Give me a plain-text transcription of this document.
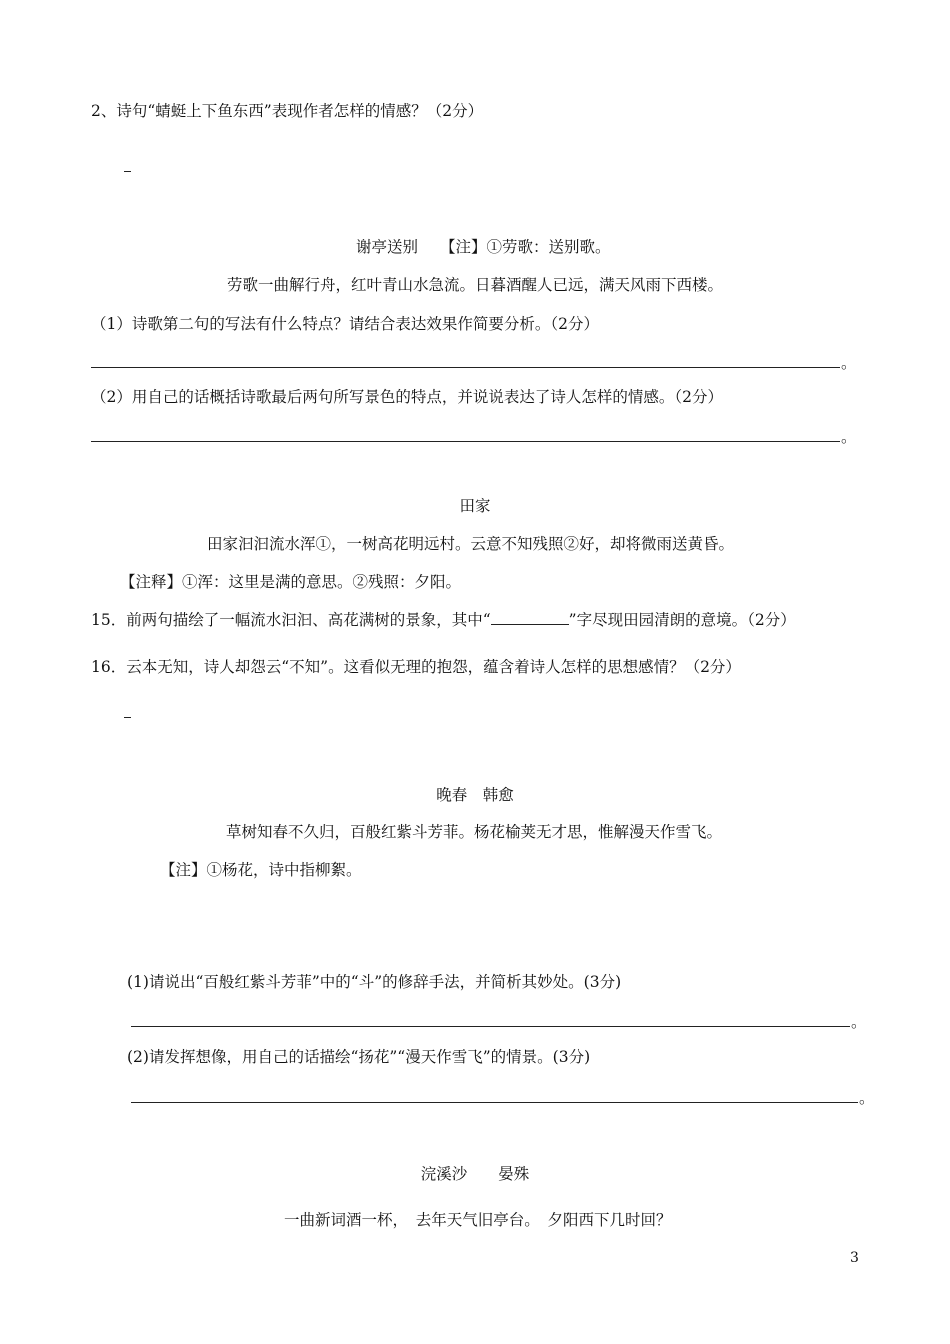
2、诗句“蜻蜓上下鱼东西”表现作者怎样的情感？（2分）
谢亭送别 【注】①劳歌：送别歌。
劳歌一曲解行舟，红叶青山水急流。日暮酒醒人已远，满天风雨下西楼。
（1）诗歌第二句的写法有什么特点？请结合表达效果作简要分析。（2分）
。
（2）用自己的话概括诗歌最后两句所写景色的特点，并说说表达了诗人怎样的情感。（2分）
。
田家
田家汩汩流水浑①，一树高花明远村。云意不知残照②好，却将微雨送黄昏。
【注释】①浑：这里是满的意思。②残照：夕阳。
15．前两句描绘了一幅流水汩汩、高花满树的景象，其中“	”字尽现田园清朗的意境。（2分）
16．云本无知，诗人却怨云“不知”。这看似无理的抱怨，蕴含着诗人怎样的思想感情？（2分）
晚春　韩愈
草树知春不久归，百般红紫斗芳菲。杨花榆荚无才思，惟解漫天作雪飞。
【注】①杨花，诗中指柳絮。
(1)请说出“百般红紫斗芳菲”中的“斗”的修辞手法，并简析其妙处。(3分)
。
(2)请发挥想像，用自己的话描绘“扬花”“漫天作雪飞”的情景。(3分)
。
浣溪沙　　晏殊
一曲新词酒一杯，　去年天气旧亭台。　夕阳西下几时回？
3
